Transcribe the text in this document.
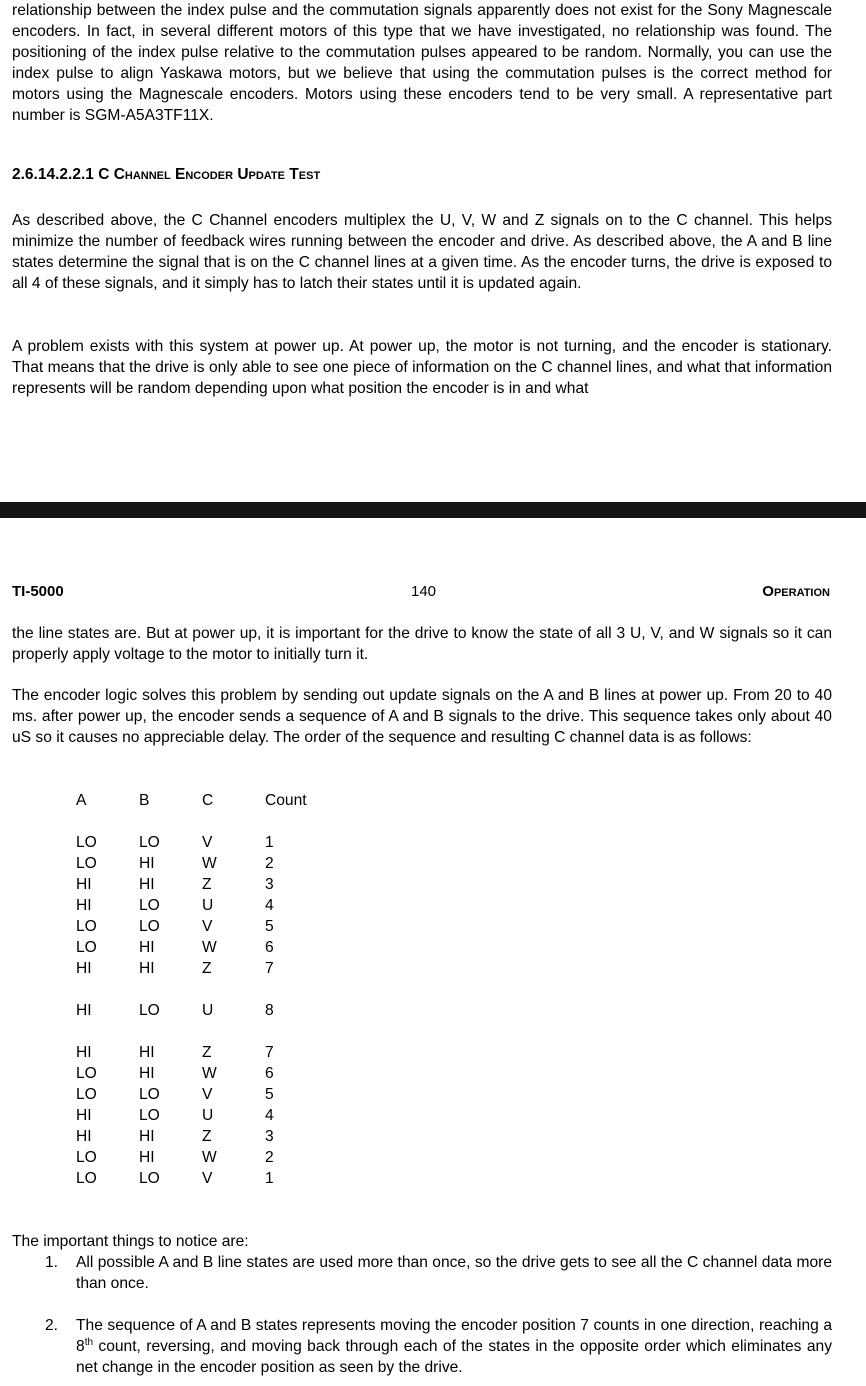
relationship between the index pulse and the commutation signals apparently does not exist for the Sony Magnescale encoders. In fact, in several different motors of this type that we have investigated, no relationship was found. The positioning of the index pulse relative to the commutation pulses appeared to be random. Normally, you can use the index pulse to align Yaskawa motors, but we believe that using the commutation pulses is the correct method for motors using the Magnescale encoders. Motors using these encoders tend to be very small. A representative part number is SGM-A5A3TF11X.

2.6.14.2.2.1 C Channel Encoder Update Test

As described above, the C Channel encoders multiplex the U, V, W and Z signals on to the C channel. This helps minimize the number of feedback wires running between the encoder and drive. As described above, the A and B line states determine the signal that is on the C channel lines at a given time. As the encoder turns, the drive is exposed to all 4 of these signals, and it simply has to latch their states until it is updated again.

A problem exists with this system at power up. At power up, the motor is not turning, and the encoder is stationary. That means that the drive is only able to see one piece of information on the C channel lines, and what that information represents will be random depending upon what position the encoder is in and what

TI-5000	140	Operation

the line states are. But at power up, it is important for the drive to know the state of all 3 U, V, and W signals so it can properly apply voltage to the motor to initially turn it.

The encoder logic solves this problem by sending out update signals on the A and B lines at power up. From 20 to 40 ms. after power up, the encoder sends a sequence of A and B signals to the drive. This sequence takes only about 40 uS so it causes no appreciable delay. The order of the sequence and resulting C channel data is as follows:

A	B	C	Count
LO	LO	V	1
LO	HI	W	2
HI	HI	Z	3
HI	LO	U	4
LO	LO	V	5
LO	HI	W	6
HI	HI	Z	7
HI	LO	U	8
HI	HI	Z	7
LO	HI	W	6
LO	LO	V	5
HI	LO	U	4
HI	HI	Z	3
LO	HI	W	2
LO	LO	V	1

The important things to notice are:

1. All possible A and B line states are used more than once, so the drive gets to see all the C channel data more than once.

2. The sequence of A and B states represents moving the encoder position 7 counts in one direction, reaching a 8th count, reversing, and moving back through each of the states in the opposite order which eliminates any net change in the encoder position as seen by the drive.
